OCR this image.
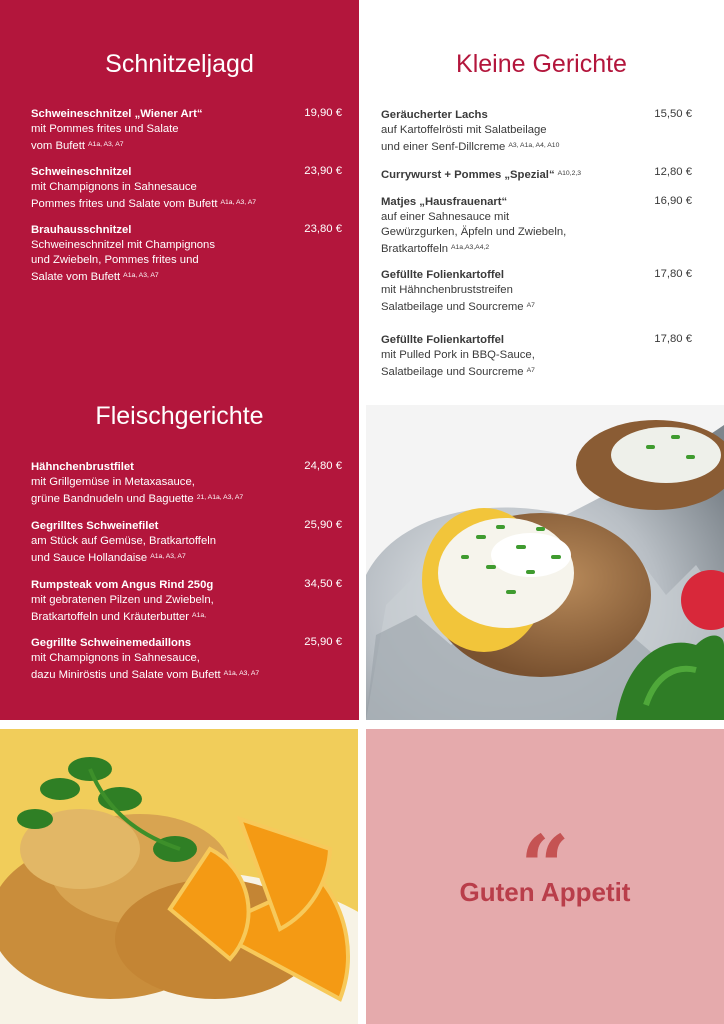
Schnitzeljagd
Schweineschnitzel „Wiener Art“
mit Pommes frites und Salate
vom Bufett $^{A1a, A3, A7}$
19,90 €
Schweineschnitzel
mit Champignons in Sahnesauce
Pommes frites und Salate vom Bufett $^{A1a, A3, A7}$
23,90 €
Brauhausschnitzel
Schweineschnitzel mit Champignons
und Zwiebeln, Pommes frites und
Salate vom Bufett $^{A1a, A3, A7}$
23,80 €
Fleischgerichte
Hähnchenbrustfilet
mit Grillgemüse in Metaxasauce,
grüne Bandnudeln und Baguette $^{21, A1a, A3, A7}$
24,80 €
Gegrilltes Schweinefilet
am Stück auf Gemüse, Bratkartoffeln
und Sauce Hollandaise $^{A1a, A3, A7}$
25,90 €
Rumpsteak vom Angus Rind 250g
mit gebratenen Pilzen und Zwiebeln,
Bratkartoffeln und Kräuterbutter $^{A1a,}$
34,50 €
Gegrillte Schweinemedaillons
mit Champignons in Sahnesauce,
dazu Miniröstis und Salate vom Bufett $^{A1a, A3, A7}$
25,90 €
Kleine Gerichte
Geräucherter Lachs
auf Kartoffelrösti mit Salatbeilage
und einer Senf-Dillcreme $^{A3, A1a, A4, A10}$
15,50 €
Currywurst + Pommes „Spezial“ $^{A10,2,3}$	12,80 €
Matjes „Hausfrauenart“
auf einer Sahnesauce mit
Gewürzgurken, Äpfeln und Zwiebeln,
Bratkartoffeln $^{A1a,A3,A4,2}$
16,90 €
Gefüllte Folienkartoffel
mit Hähnchenbruststreifen
Salatbeilage und Sourcreme $^{A7}$
17,80 €
Gefüllte Folienkartoffel
mit Pulled Pork in BBQ-Sauce,
Salatbeilage und Sourcreme $^{A7}$
17,80 €
“
Guten Appetit
